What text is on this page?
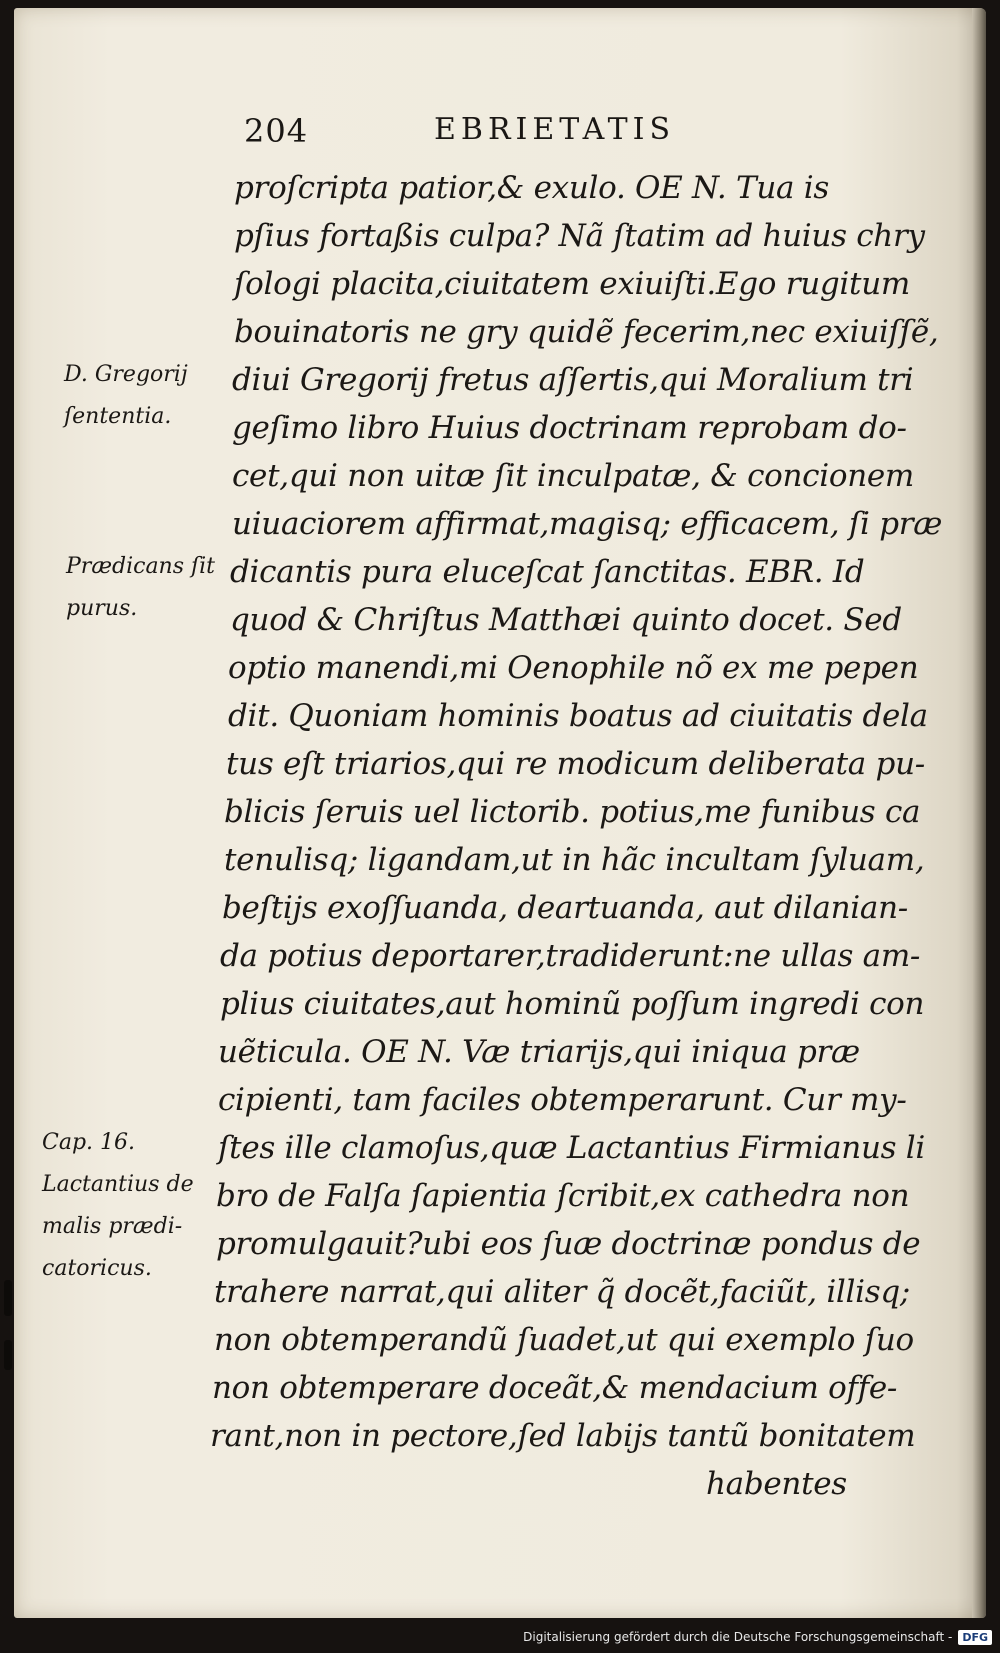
204	EBRIETATIS
proſcripta patior,& exulo. OE N. Tua is
pſius fortaßis culpa? Nã ſtatim ad huius chry
ſologi placita,ciuitatem exiuiſti.Ego rugitum
bouinatoris ne gry quidẽ fecerim,nec exiuiſſẽ,
diui Gregorij fretus aſſertis,qui Moralium tri
geſimo libro Huius doctrinam reprobam do-
cet,qui non uitæ ſit inculpatæ, & concionem
uiuaciorem affirmat,magisq; efficacem, ſi præ
dicantis pura eluceſcat ſanctitas. EBR. Id
quod & Chriſtus Matthæi quinto docet. Sed
optio manendi,mi Oenophile nõ ex me pepen
dit. Quoniam hominis boatus ad ciuitatis dela
tus eſt triarios,qui re modicum deliberata pu-
blicis ſeruis uel lictorib. potius,me funibus ca
tenulisq; ligandam,ut in hãc incultam ſyluam,
beſtijs exoſſuanda, deartuanda, aut dilanian-
da potius deportarer,tradiderunt:ne ullas am-
plius ciuitates,aut hominũ poſſum ingredi con
uẽticula. OE N. Væ triarijs,qui iniqua præ
cipienti, tam faciles obtemperarunt. Cur my-
ſtes ille clamoſus,quæ Lactantius Firmianus li
bro de Falſa ſapientia ſcribit,ex cathedra non
promulgauit?ubi eos ſuæ doctrinæ pondus de
trahere narrat,qui aliter q̃ docẽt,faciũt, illisq;
non obtemperandũ ſuadet,ut qui exemplo ſuo
non obtemperare doceãt,& mendacium offe-
rant,non in pectore,ſed labijs tantũ bonitatem
habentes
D. Gregorij
ſententia.
Prædicans ſit
purus.
Cap. 16.
Lactantius de
malis prædi-
catoricus.
Digitalisierung gefördert durch die Deutsche Forschungsgemeinschaft - DFG
